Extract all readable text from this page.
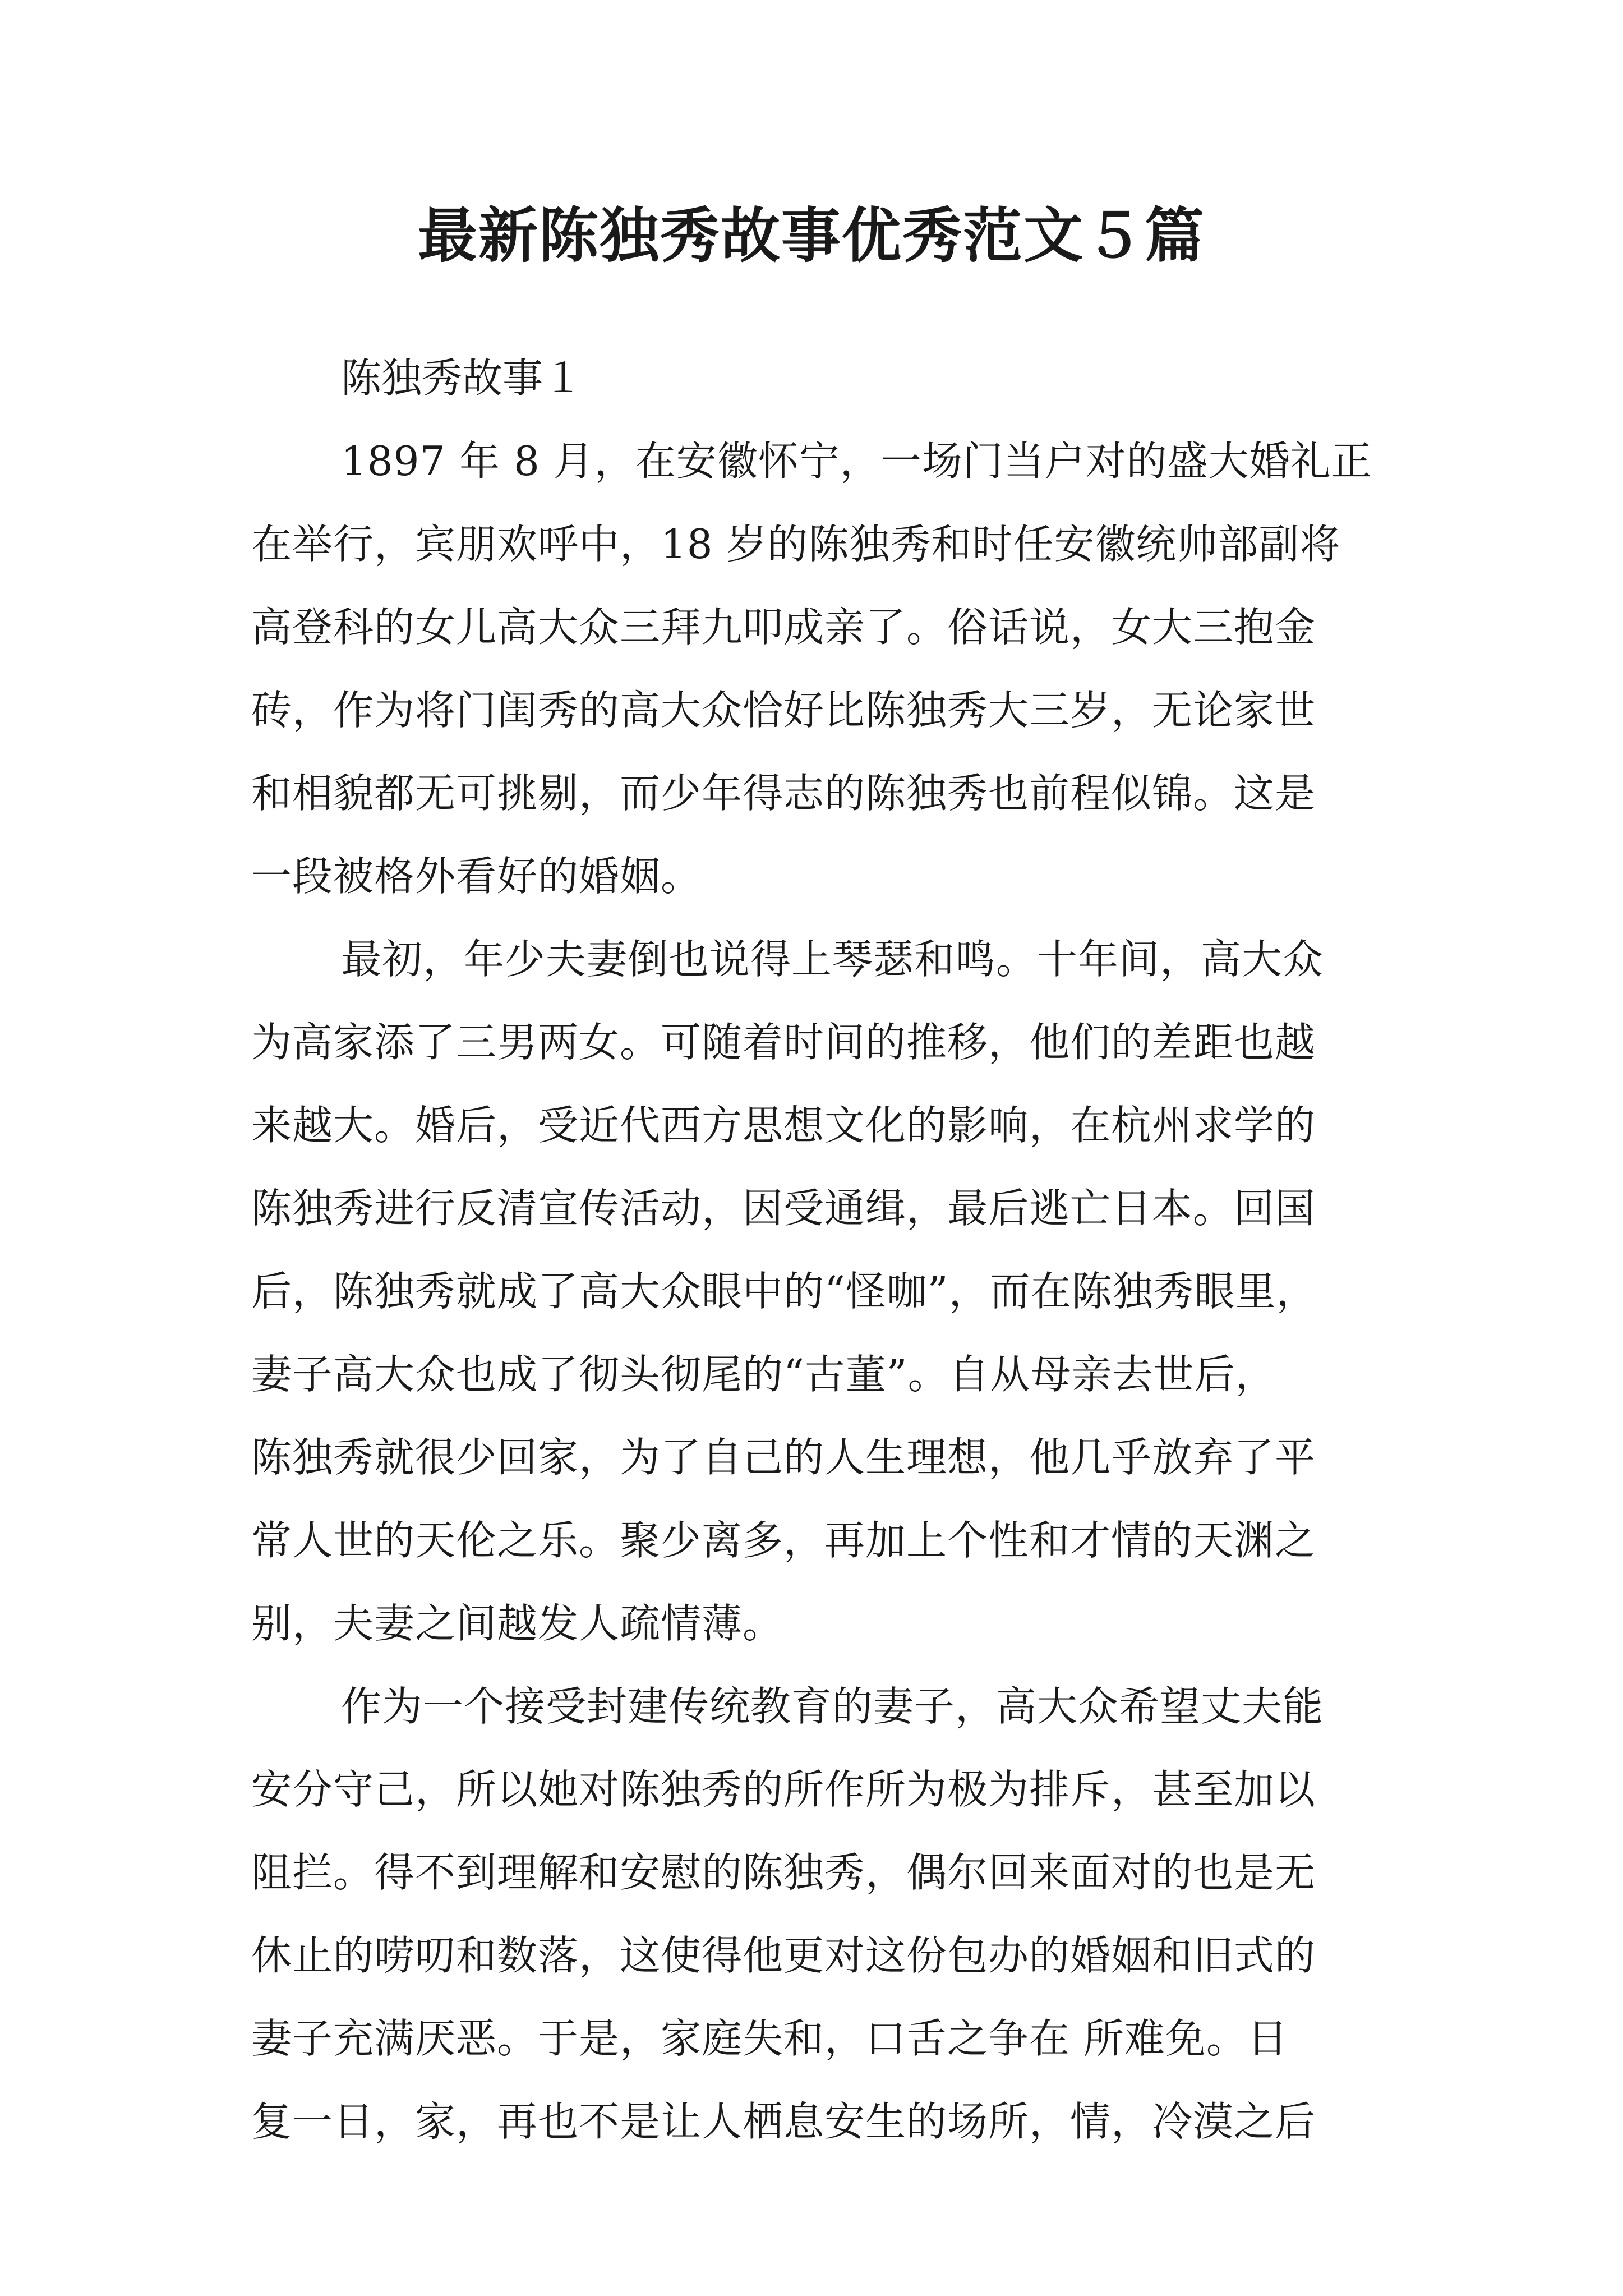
最新陈独秀故事优秀范文５篇
陈独秀故事１
1897 年 8 月，在安徽怀宁，一场门当户对的盛大婚礼正
在举行，宾朋欢呼中，18 岁的陈独秀和时任安徽统帅部副将
高登科的女儿高大众三拜九叩成亲了。俗话说，女大三抱金
砖，作为将门闺秀的高大众恰好比陈独秀大三岁，无论家世
和相貌都无可挑剔，而少年得志的陈独秀也前程似锦。这是
一段被格外看好的婚姻。
最初，年少夫妻倒也说得上琴瑟和鸣。十年间，高大众
为高家添了三男两女。可随着时间的推移，他们的差距也越
来越大。婚后，受近代西方思想文化的影响，在杭州求学的
陈独秀进行反清宣传活动，因受通缉，最后逃亡日本。回国
后，陈独秀就成了高大众眼中的“怪咖”，而在陈独秀眼里，
妻子高大众也成了彻头彻尾的“古董”。自从母亲去世后，
陈独秀就很少回家，为了自己的人生理想，他几乎放弃了平
常人世的天伦之乐。聚少离多，再加上个性和才情的天渊之
别，夫妻之间越发人疏情薄。
作为一个接受封建传统教育的妻子，高大众希望丈夫能
安分守己，所以她对陈独秀的所作所为极为排斥，甚至加以
阻拦。得不到理解和安慰的陈独秀，偶尔回来面对的也是无
休止的唠叨和数落，这使得他更对这份包办的婚姻和旧式的
妻子充满厌恶。于是，家庭失和，口舌之争在 所难免。日
复一日，家，再也不是让人栖息安生的场所，情，冷漠之后
